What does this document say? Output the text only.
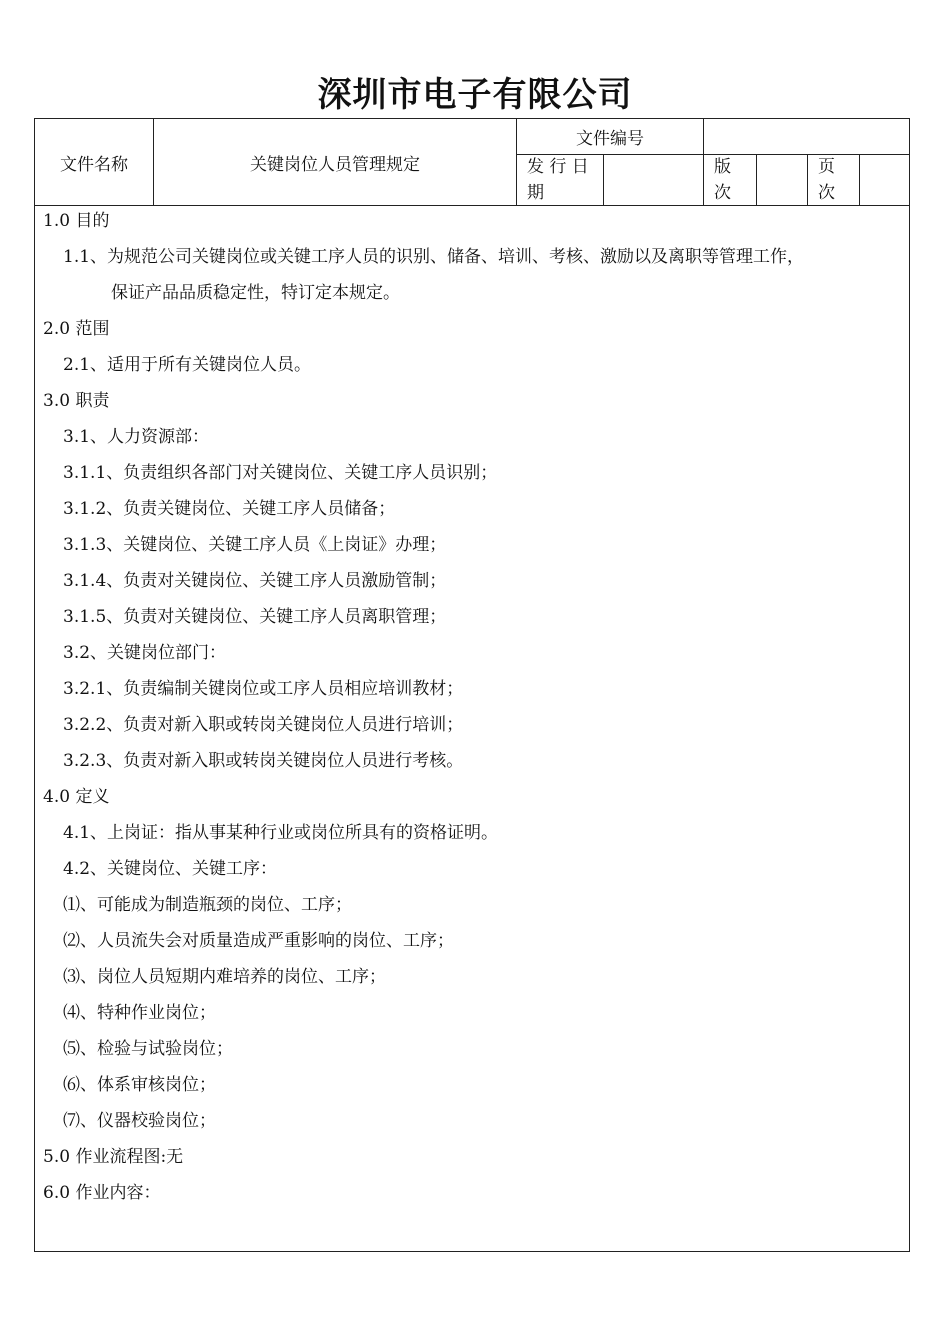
深圳市电子有限公司
文件名称	关键岗位人员管理规定
文件编号
发 行 日 期
版 次
页 次
1.0 目的
1.1、为规范公司关键岗位或关键工序人员的识别、储备、培训、考核、激励以及离职等管理工作，
保证产品品质稳定性，特订定本规定。
2.0 范围
2.1、适用于所有关键岗位人员。
3.0 职责
3.1、人力资源部：
3.1.1、负责组织各部门对关键岗位、关键工序人员识别；
3.1.2、负责关键岗位、关键工序人员储备；
3.1.3、关键岗位、关键工序人员《上岗证》办理；
3.1.4、负责对关键岗位、关键工序人员激励管制；
3.1.5、负责对关键岗位、关键工序人员离职管理；
3.2、关键岗位部门：
3.2.1、负责编制关键岗位或工序人员相应培训教材；
3.2.2、负责对新入职或转岗关键岗位人员进行培训；
3.2.3、负责对新入职或转岗关键岗位人员进行考核。
4.0 定义
4.1、上岗证：指从事某种行业或岗位所具有的资格证明。
4.2、关键岗位、关键工序：
⑴、可能成为制造瓶颈的岗位、工序；
⑵、人员流失会对质量造成严重影响的岗位、工序；
⑶、岗位人员短期内难培养的岗位、工序；
⑷、特种作业岗位；
⑸、检验与试验岗位；
⑹、体系审核岗位；
⑺、仪器校验岗位；
5.0 作业流程图:无
6.0 作业内容：
